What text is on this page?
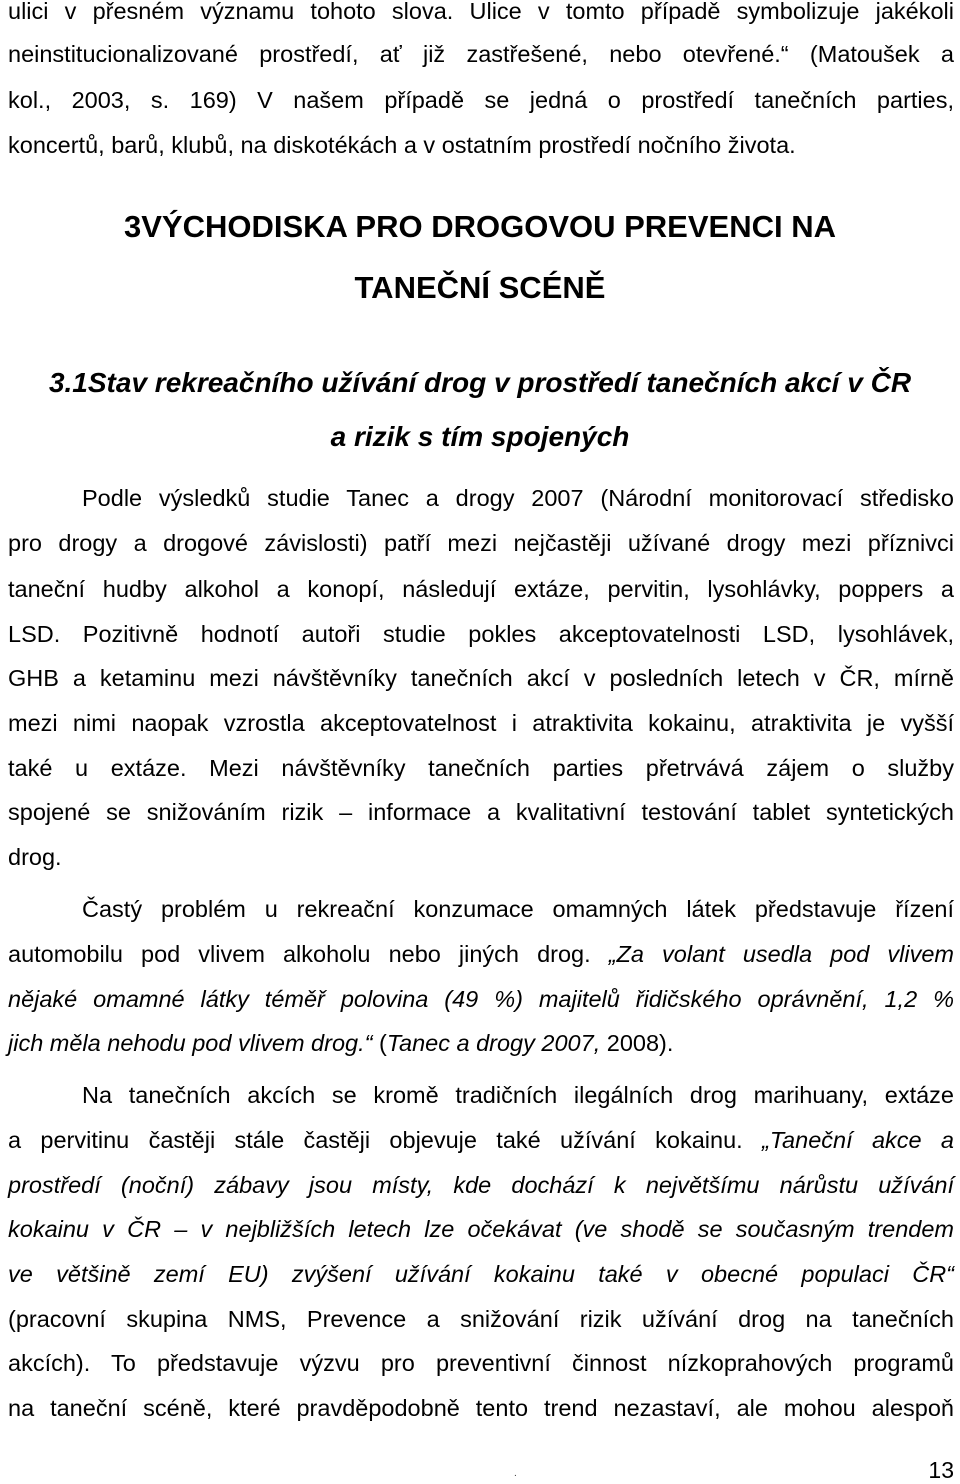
ulici v přesném významu tohoto slova. Ulice v tomto případě symbolizuje jakékoli
neinstitucionalizované prostředí, ať již zastřešené, nebo otevřené.“ (Matoušek a
kol., 2003, s. 169) V našem případě se jedná o prostředí tanečních parties,
koncertů, barů, klubů, na diskotékách a v ostatním prostředí nočního života.
3VÝCHODISKA PRO DROGOVOU PREVENCI NA
TANEČNÍ SCÉNĚ
3.1Stav rekreačního užívání drog v prostředí tanečních akcí v ČR
a rizik s tím spojených
Podle výsledků studie Tanec a drogy 2007 (Národní monitorovací středisko
pro drogy a drogové závislosti) patří mezi nejčastěji užívané drogy mezi příznivci
taneční hudby alkohol a konopí, následují extáze, pervitin, lysohlávky, poppers a
LSD. Pozitivně hodnotí autoři studie pokles akceptovatelnosti LSD, lysohlávek,
GHB a ketaminu mezi návštěvníky tanečních akcí v posledních letech v ČR, mírně
mezi nimi naopak vzrostla akceptovatelnost i atraktivita kokainu, atraktivita je vyšší
také u extáze. Mezi návštěvníky tanečních parties přetrvává zájem o služby
spojené se snižováním rizik – informace a kvalitativní testování tablet syntetických
drog.
Častý problém u rekreační konzumace omamných látek představuje řízení
automobilu pod vlivem alkoholu nebo jiných drog. „Za volant usedla pod vlivem
nějaké omamné látky téměř polovina (49 %) majitelů řidičského oprávnění, 1,2 %
jich měla nehodu pod vlivem drog.“ (Tanec a drogy 2007, 2008).
Na tanečních akcích se kromě tradičních ilegálních drog marihuany, extáze
a pervitinu častěji stále častěji objevuje také užívání kokainu. „Taneční akce a
prostředí (noční) zábavy jsou místy, kde dochází k největšímu nárůstu užívání
kokainu v ČR – v nejbližších letech lze očekávat (ve shodě se současným trendem
ve většině zemí EU) zvýšení užívání kokainu také v obecné populaci ČR“
(pracovní skupina NMS, Prevence a snižování rizik užívání drog na tanečních
akcích). To představuje výzvu pro preventivní činnost nízkoprahových programů
na taneční scéně, které pravděpodobně tento trend nezastaví, ale mohou alespoň
.	13
